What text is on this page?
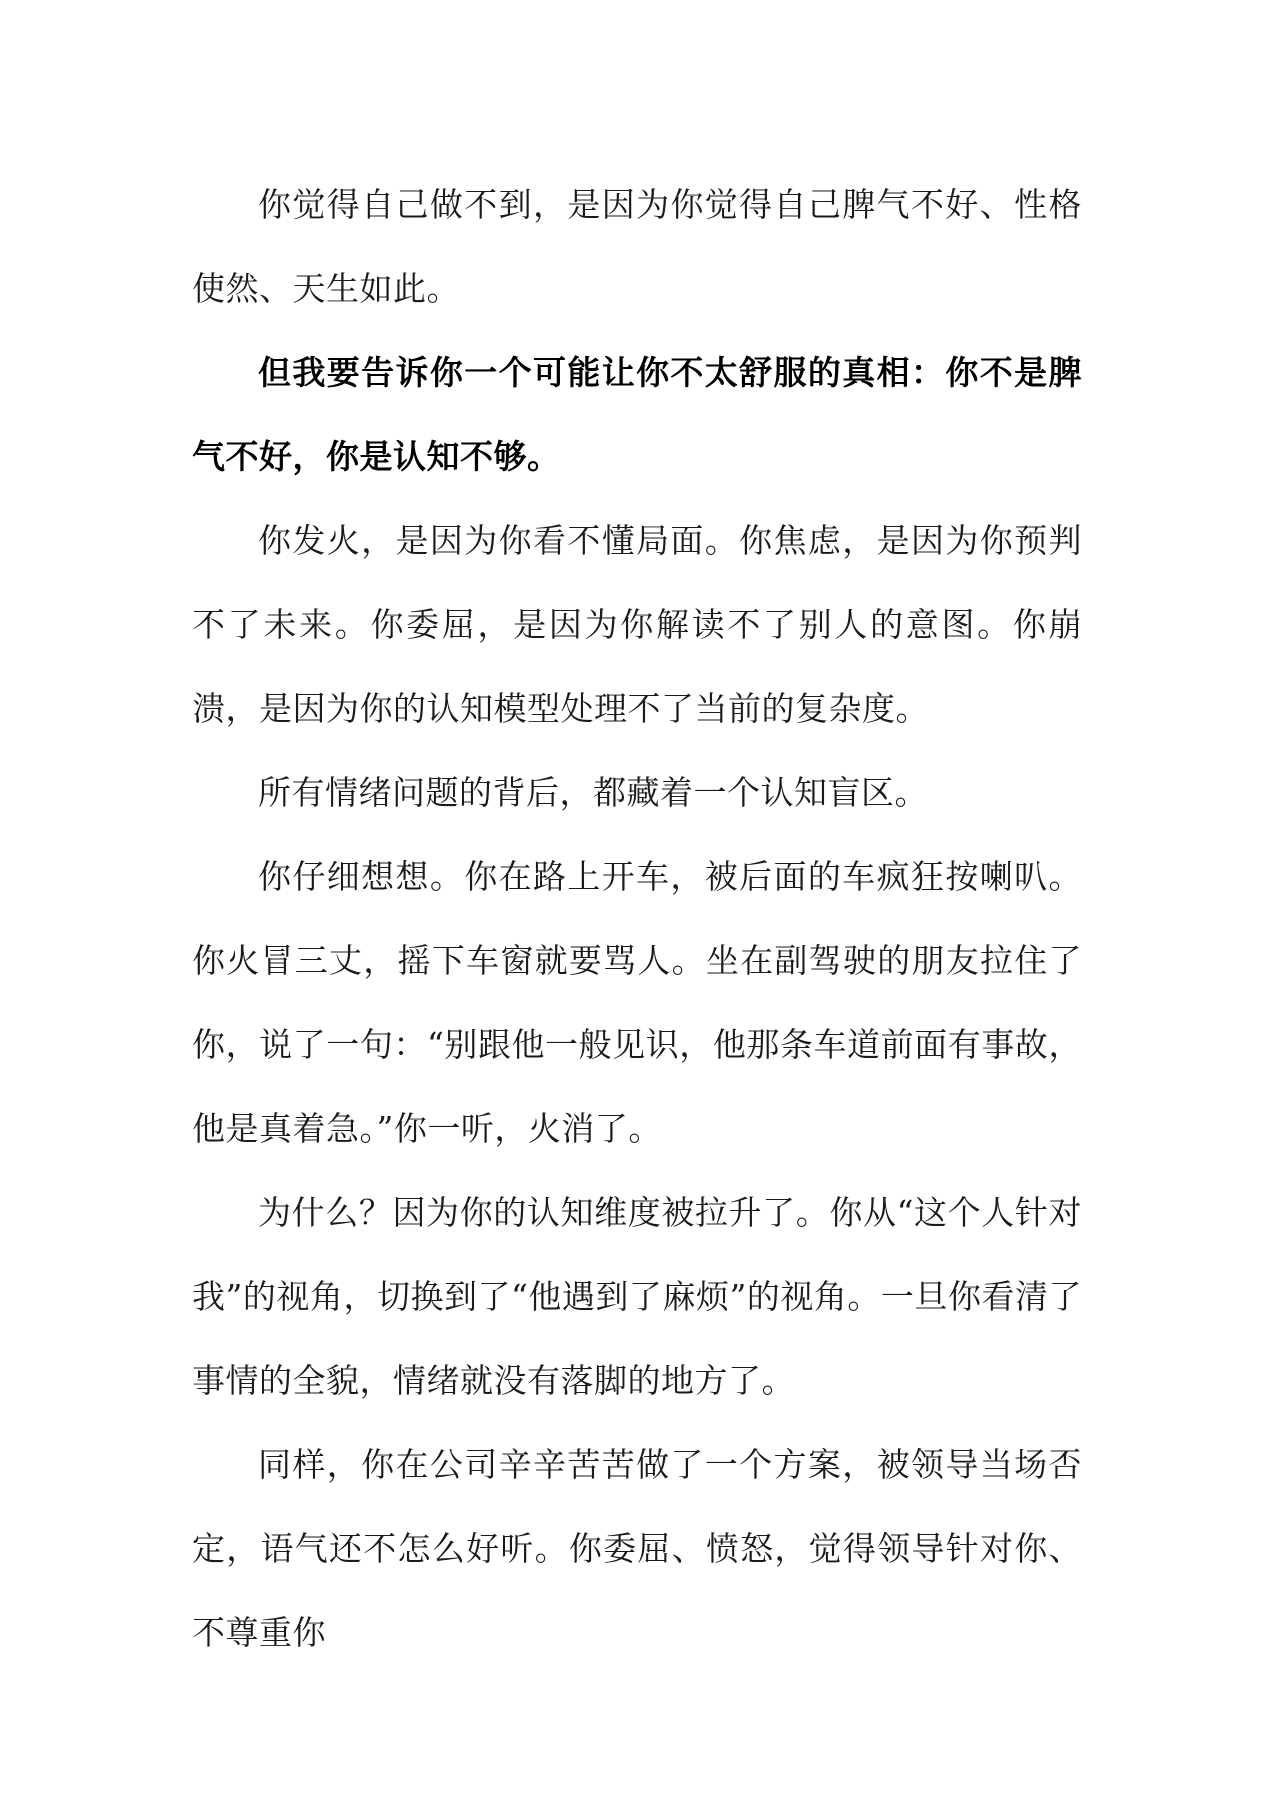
你觉得自己做不到，是因为你觉得自己脾气不好、性格使然、天生如此。

但我要告诉你一个可能让你不太舒服的真相：你不是脾气不好，你是认知不够。

你发火，是因为你看不懂局面。你焦虑，是因为你预判不了未来。你委屈，是因为你解读不了别人的意图。你崩溃，是因为你的认知模型处理不了当前的复杂度。

所有情绪问题的背后，都藏着一个认知盲区。

你仔细想想。你在路上开车，被后面的车疯狂按喇叭。你火冒三丈，摇下车窗就要骂人。坐在副驾驶的朋友拉住了你，说了一句：“别跟他一般见识，他那条车道前面有事故，他是真着急。”你一听，火消了。

为什么？因为你的认知维度被拉升了。你从“这个人针对我”的视角，切换到了“他遇到了麻烦”的视角。一旦你看清了事情的全貌，情绪就没有落脚的地方了。

同样，你在公司辛辛苦苦做了一个方案，被领导当场否定，语气还不怎么好听。你委屈、愤怒，觉得领导针对你、不尊重你
